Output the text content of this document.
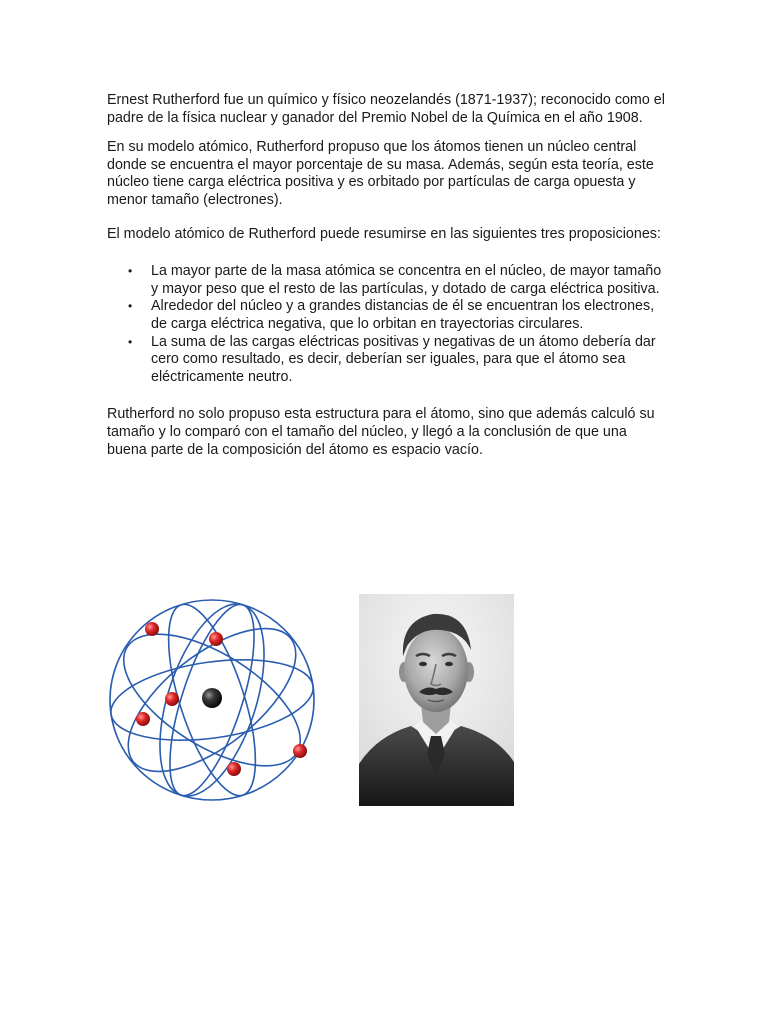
Ernest Rutherford fue un químico y físico neozelandés (1871-1937); reconocido como el padre de la física nuclear y ganador del Premio Nobel de la Química en el año 1908.

En su modelo atómico, Rutherford propuso que los átomos tienen un núcleo central donde se encuentra el mayor porcentaje de su masa. Además, según esta teoría, este núcleo tiene carga eléctrica positiva y es orbitado por partículas de carga opuesta y menor tamaño (electrones).

El modelo atómico de Rutherford puede resumirse en las siguientes tres proposiciones:

• La mayor parte de la masa atómica se concentra en el núcleo, de mayor tamaño y mayor peso que el resto de las partículas, y dotado de carga eléctrica positiva.
• Alrededor del núcleo y a grandes distancias de él se encuentran los electrones, de carga eléctrica negativa, que lo orbitan en trayectorias circulares.
• La suma de las cargas eléctricas positivas y negativas de un átomo debería dar cero como resultado, es decir, deberían ser iguales, para que el átomo sea eléctricamente neutro.

Rutherford no solo propuso esta estructura para el átomo, sino que además calculó su tamaño y lo comparó con el tamaño del núcleo, y llegó a la conclusión de que una buena parte de la composición del átomo es espacio vacío.
